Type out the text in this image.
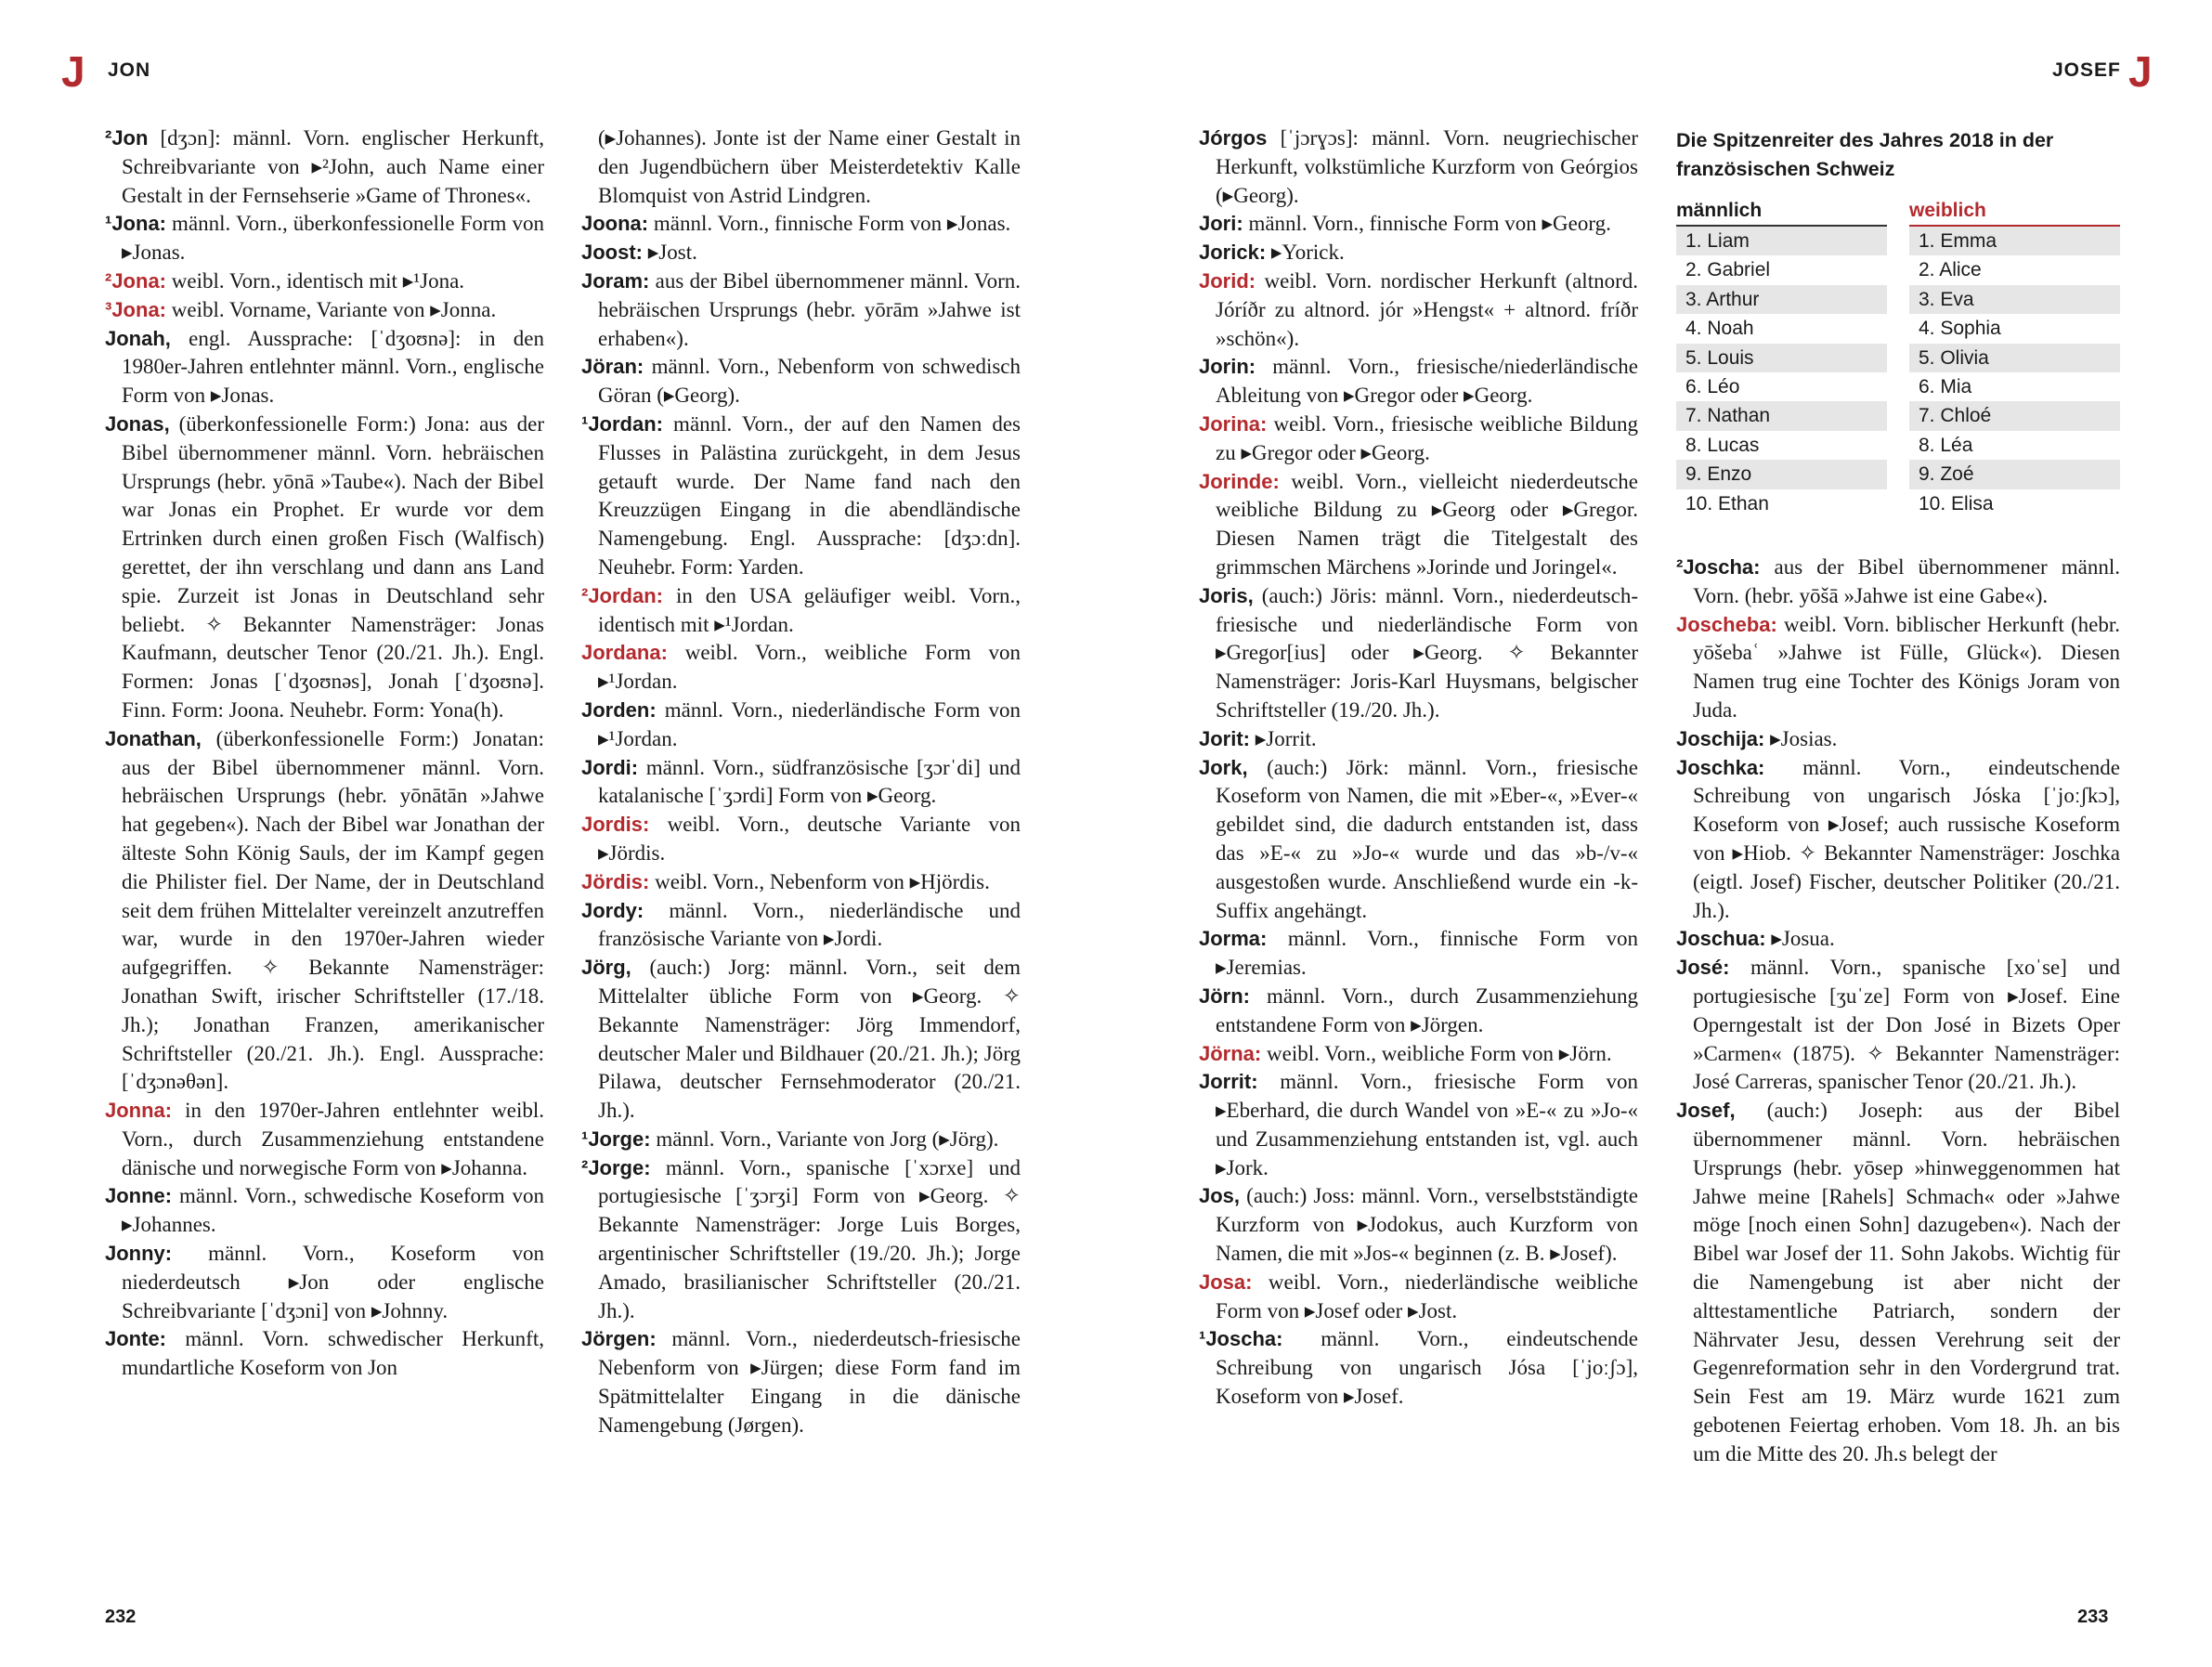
J JON	JOSEF J
²Jon [dʒɔn]: männl. Vorn. englischer Herkunft, Schreibvariante von ▸²John, auch Name einer Gestalt in der Fernsehserie »Game of Thrones«.
¹Jona: männl. Vorn., überkonfessionelle Form von ▸Jonas.
²Jona: weibl. Vorn., identisch mit ▸¹Jona.
³Jona: weibl. Vorname, Variante von ▸Jonna.
Jonah, engl. Aussprache: [ˈdʒoʊnə]: in den 1980er-Jahren entlehnter männl. Vorn., englische Form von ▸Jonas.
Jonas, (überkonfessionelle Form:) Jona: aus der Bibel übernommener männl. Vorn. hebräischen Ursprungs (hebr. yōnā »Taube«). Nach der Bibel war Jonas ein Prophet. Er wurde vor dem Ertrinken durch einen großen Fisch (Walfisch) gerettet, der ihn verschlang und dann ans Land spie. Zurzeit ist Jonas in Deutschland sehr beliebt. ✧ Bekannter Namensträger: Jonas Kaufmann, deutscher Tenor (20./21. Jh.). Engl. Formen: Jonas [ˈdʒoʊnəs], Jonah [ˈdʒoʊnə]. Finn. Form: Joona. Neuhebr. Form: Yona(h).
Jonathan, (überkonfessionelle Form:) Jonatan: aus der Bibel übernommener männl. Vorn. hebräischen Ursprungs (hebr. yōnātān »Jahwe hat gegeben«). Nach der Bibel war Jonathan der älteste Sohn König Sauls, der im Kampf gegen die Philister fiel. Der Name, der in Deutschland seit dem frühen Mittelalter vereinzelt anzutreffen war, wurde in den 1970er-Jahren wieder aufgegriffen. ✧ Bekannte Namensträger: Jonathan Swift, irischer Schriftsteller (17./18. Jh.); Jonathan Franzen, amerikanischer Schriftsteller (20./21. Jh.). Engl. Aussprache: [ˈdʒɔnəθən].
Jonna: in den 1970er-Jahren entlehnter weibl. Vorn., durch Zusammenziehung entstandene dänische und norwegische Form von ▸Johanna.
Jonne: männl. Vorn., schwedische Koseform von ▸Johannes.
Jonny: männl. Vorn., Koseform von niederdeutsch ▸Jon oder englische Schreibvariante [ˈdʒɔni] von ▸Johnny.
Jonte: männl. Vorn. schwedischer Herkunft, mundartliche Koseform von Jon
(▸Johannes). Jonte ist der Name einer Gestalt in den Jugendbüchern über Meisterdetektiv Kalle Blomquist von Astrid Lindgren.
Joona: männl. Vorn., finnische Form von ▸Jonas.
Joost: ▸Jost.
Joram: aus der Bibel übernommener männl. Vorn. hebräischen Ursprungs (hebr. yōrām »Jahwe ist erhaben«).
Jöran: männl. Vorn., Nebenform von schwedisch Göran (▸Georg).
¹Jordan: männl. Vorn., der auf den Namen des Flusses in Palästina zurückgeht, in dem Jesus getauft wurde. Der Name fand nach den Kreuzzügen Eingang in die abendländische Namengebung. Engl. Aussprache: [dʒɔːdn]. Neuhebr. Form: Yarden.
²Jordan: in den USA geläufiger weibl. Vorn., identisch mit ▸¹Jordan.
Jordana: weibl. Vorn., weibliche Form von ▸¹Jordan.
Jorden: männl. Vorn., niederländische Form von ▸¹Jordan.
Jordi: männl. Vorn., südfranzösische [ʒɔrˈdi] und katalanische [ˈʒɔrdi] Form von ▸Georg.
Jordis: weibl. Vorn., deutsche Variante von ▸Jördis.
Jördis: weibl. Vorn., Nebenform von ▸Hjördis.
Jordy: männl. Vorn., niederländische und französische Variante von ▸Jordi.
Jörg, (auch:) Jorg: männl. Vorn., seit dem Mittelalter übliche Form von ▸Georg. ✧ Bekannte Namensträger: Jörg Immendorf, deutscher Maler und Bildhauer (20./21. Jh.); Jörg Pilawa, deutscher Fernsehmoderator (20./21. Jh.).
¹Jorge: männl. Vorn., Variante von Jorg (▸Jörg).
²Jorge: männl. Vorn., spanische [ˈxɔrxe] und portugiesische [ˈʒɔrʒi] Form von ▸Georg. ✧ Bekannte Namensträger: Jorge Luis Borges, argentinischer Schriftsteller (19./20. Jh.); Jorge Amado, brasilianischer Schriftsteller (20./21. Jh.).
Jörgen: männl. Vorn., niederdeutsch-friesische Nebenform von ▸Jürgen; diese Form fand im Spätmittelalter Eingang in die dänische Namengebung (Jørgen).
Jórgos [ˈjɔrɣɔs]: männl. Vorn. neugriechischer Herkunft, volkstümliche Kurzform von Geórgios (▸Georg).
Jori: männl. Vorn., finnische Form von ▸Georg.
Jorick: ▸Yorick.
Jorid: weibl. Vorn. nordischer Herkunft (altnord. Jóríðr zu altnord. jór »Hengst« + altnord. fríðr »schön«).
Jorin: männl. Vorn., friesische/niederländische Ableitung von ▸Gregor oder ▸Georg.
Jorina: weibl. Vorn., friesische weibliche Bildung zu ▸Gregor oder ▸Georg.
Jorinde: weibl. Vorn., vielleicht niederdeutsche weibliche Bildung zu ▸Georg oder ▸Gregor. Diesen Namen trägt die Titelgestalt des grimmschen Märchens »Jorinde und Joringel«.
Joris, (auch:) Jöris: männl. Vorn., niederdeutsch-friesische und niederländische Form von ▸Gregor[ius] oder ▸Georg. ✧ Bekannter Namensträger: Joris-Karl Huysmans, belgischer Schriftsteller (19./20. Jh.).
Jorit: ▸Jorrit.
Jork, (auch:) Jörk: männl. Vorn., friesische Koseform von Namen, die mit »Eber-«, »Ever-« gebildet sind, die dadurch entstanden ist, dass das »E-« zu »Jo-« wurde und das »b-/v-« ausgestoßen wurde. Anschließend wurde ein -k-Suffix angehängt.
Jorma: männl. Vorn., finnische Form von ▸Jeremias.
Jörn: männl. Vorn., durch Zusammenziehung entstandene Form von ▸Jörgen.
Jörna: weibl. Vorn., weibliche Form von ▸Jörn.
Jorrit: männl. Vorn., friesische Form von ▸Eberhard, die durch Wandel von »E-« zu »Jo-« und Zusammenziehung entstanden ist, vgl. auch ▸Jork.
Jos, (auch:) Joss: männl. Vorn., verselbstständigte Kurzform von ▸Jodokus, auch Kurzform von Namen, die mit »Jos-« beginnen (z. B. ▸Josef).
Josa: weibl. Vorn., niederländische weibliche Form von ▸Josef oder ▸Jost.
¹Joscha: männl. Vorn., eindeutschende Schreibung von ungarisch Jósa [ˈjoːʃɔ], Koseform von ▸Josef.
²Joscha: aus der Bibel übernommener männl. Vorn. (hebr. yōšā »Jahwe ist eine Gabe«).
Joscheba: weibl. Vorn. biblischer Herkunft (hebr. yōšebaʿ »Jahwe ist Fülle, Glück«). Diesen Namen trug eine Tochter des Königs Joram von Juda.
Joschija: ▸Josias.
Joschka: männl. Vorn., eindeutschende Schreibung von ungarisch Jóska [ˈjoːʃkɔ], Koseform von ▸Josef; auch russische Koseform von ▸Hiob. ✧ Bekannter Namensträger: Joschka (eigtl. Josef) Fischer, deutscher Politiker (20./21. Jh.).
Joschua: ▸Josua.
José: männl. Vorn., spanische [xoˈse] und portugiesische [ʒuˈze] Form von ▸Josef. Eine Operngestalt ist der Don José in Bizets Oper »Carmen« (1875). ✧ Bekannter Namensträger: José Carreras, spanischer Tenor (20./21. Jh.).
Josef, (auch:) Joseph: aus der Bibel übernommener männl. Vorn. hebräischen Ursprungs (hebr. yōsep »hinweggenommen hat Jahwe meine [Rahels] Schmach« oder »Jahwe möge [noch einen Sohn] dazugeben«). Nach der Bibel war Josef der 11. Sohn Jakobs. Wichtig für die Namengebung ist aber nicht der alttestamentliche Patriarch, sondern der Nährvater Jesu, dessen Verehrung seit der Gegenreformation sehr in den Vordergrund trat. Sein Fest am 19. März wurde 1621 zum gebotenen Feiertag erhoben. Vom 18. Jh. an bis um die Mitte des 20. Jh.s belegt der
Die Spitzenreiter des Jahres 2018 in der französischen Schweiz
männlich
1. Liam
2. Gabriel
3. Arthur
4. Noah
5. Louis
6. Léo
7. Nathan
8. Lucas
9. Enzo
10. Ethan
weiblich
1. Emma
2. Alice
3. Eva
4. Sophia
5. Olivia
6. Mia
7. Chloé
8. Léa
9. Zoé
10. Elisa
232	233
